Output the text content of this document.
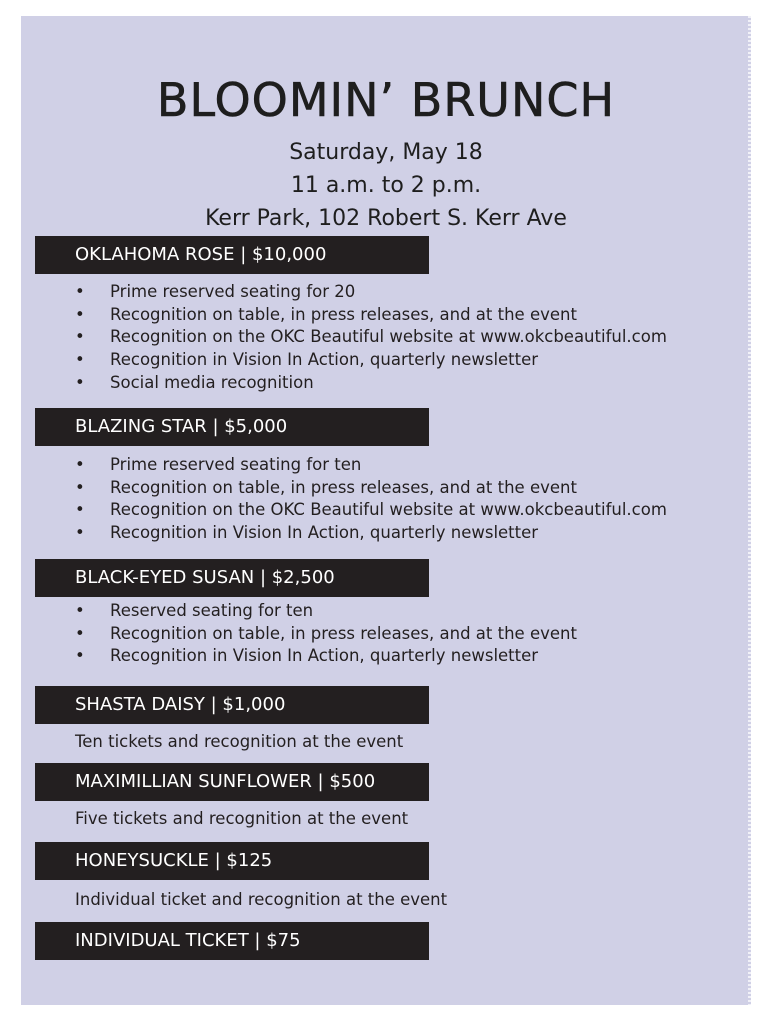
BLOOMIN’ BRUNCH
Saturday, May 18
11 a.m. to 2 p.m.
Kerr Park, 102 Robert S. Kerr Ave
OKLAHOMA ROSE | $10,000
• Prime reserved seating for 20
• Recognition on table, in press releases, and at the event
• Recognition on the OKC Beautiful website at www.okcbeautiful.com
• Recognition in Vision In Action, quarterly newsletter
• Social media recognition
BLAZING STAR | $5,000
• Prime reserved seating for ten
• Recognition on table, in press releases, and at the event
• Recognition on the OKC Beautiful website at www.okcbeautiful.com
• Recognition in Vision In Action, quarterly newsletter
BLACK-EYED SUSAN | $2,500
• Reserved seating for ten
• Recognition on table, in press releases, and at the event
• Recognition in Vision In Action, quarterly newsletter
SHASTA DAISY | $1,000
Ten tickets and recognition at the event
MAXIMILLIAN SUNFLOWER | $500
Five tickets and recognition at the event
HONEYSUCKLE | $125
Individual ticket and recognition at the event
INDIVIDUAL TICKET | $75
